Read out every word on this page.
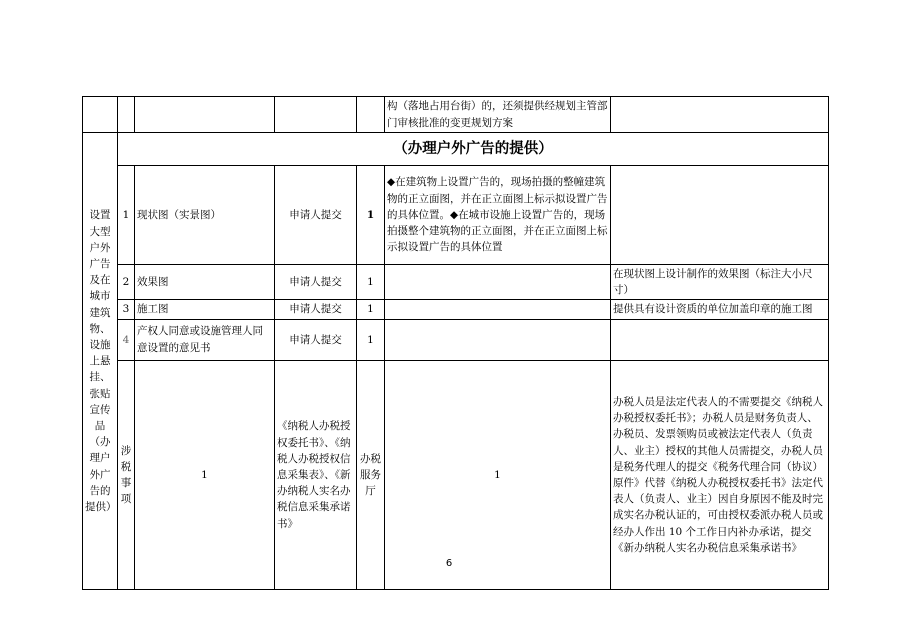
					构（落地占用台街）的，还须提供经规划主管部门审核批准的变更规划方案		
设置大型户外广告及在城市建筑物、设施上悬挂、张贴宣传品（办理户外广告的提供）	（办理户外广告的提供）						
	1	现状图（实景图）	申请人提交	1	◆在建筑物上设置广告的，现场拍摄的整幢建筑物的正立面图，并在正立面图上标示拟设置广告的具体位置。◆在城市设施上设置广告的，现场拍摄整个建筑物的正立面图，并在正立面图上标示拟设置广告的具体位置		
	2	效果图	申请人提交	1		在现状图上设计制作的效果图（标注大小尺寸）	
	3	施工图	申请人提交	1		提供具有设计资质的单位加盖印章的施工图	
	4	产权人同意或设施管理人同意设置的意见书	申请人提交	1			
	涉税事项	1	《纳税人办税授权委托书》、《纳税人办税授权信息采集表》、《新办纳税人实名办税信息采集承诺书》	办税服务厅	1	办税人员是法定代表人的不需要提交《纳税人办税授权委托书》；办税人员是财务负责人、办税员、发票领购员或被法定代表人（负责人、业主）授权的其他人员需提交，办税人员是税务代理人的提交《税务代理合同（协议）原件》代替《纳税人办税授权委托书》法定代表人（负责人、业主）因自身原因不能及时完成实名办税认证的，可由授权委派办税人员或经办人作出 10 个工作日内补办承诺，提交《新办纳税人实名办税信息采集承诺书》	
6
